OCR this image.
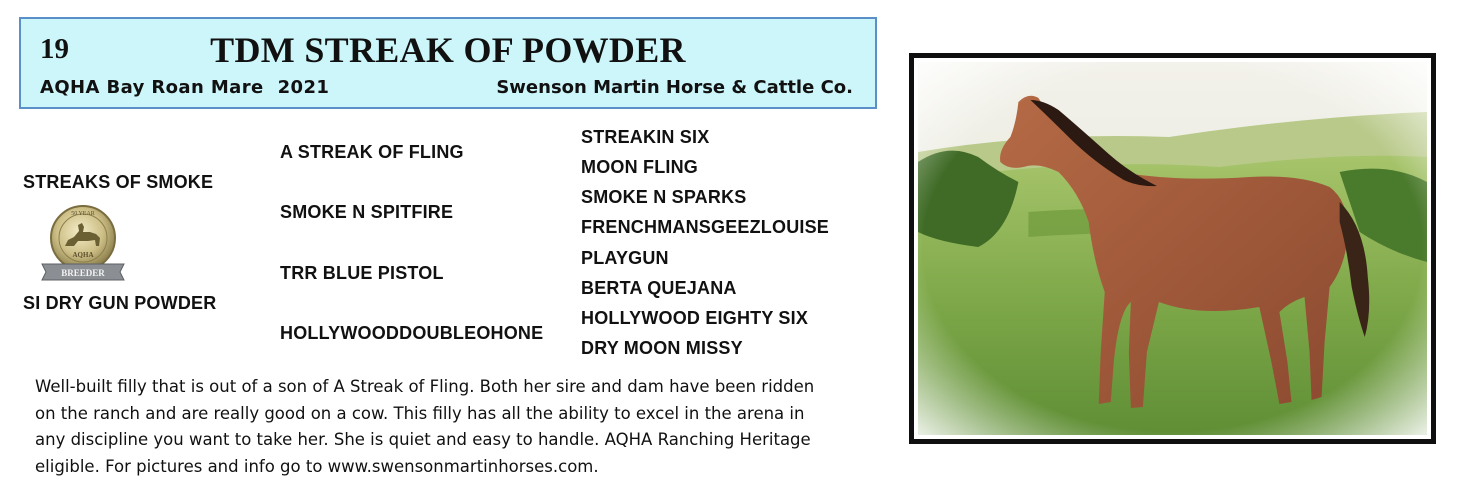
19	TDM STREAK OF POWDER
AQHA Bay Roan Mare 2021	Swenson Martin Horse & Cattle Co.
STREAKS OF SMOKE
SI DRY GUN POWDER
A STREAK OF FLING
SMOKE N SPITFIRE
TRR BLUE PISTOL
HOLLYWOODDOUBLEOHONE
STREAKIN SIX
MOON FLING
SMOKE N SPARKS
FRENCHMANSGEEZLOUISE
PLAYGUN
BERTA QUEJANA
HOLLYWOOD EIGHTY SIX
DRY MOON MISSY
50 YEAR
AQHA
BREEDER
Well-built filly that is out of a son of A Streak of Fling. Both her sire and dam have been ridden
on the ranch and are really good on a cow. This filly has all the ability to excel in the arena in
any discipline you want to take her. She is quiet and easy to handle. AQHA Ranching Heritage
eligible. For pictures and info go to www.swensonmartinhorses.com.
